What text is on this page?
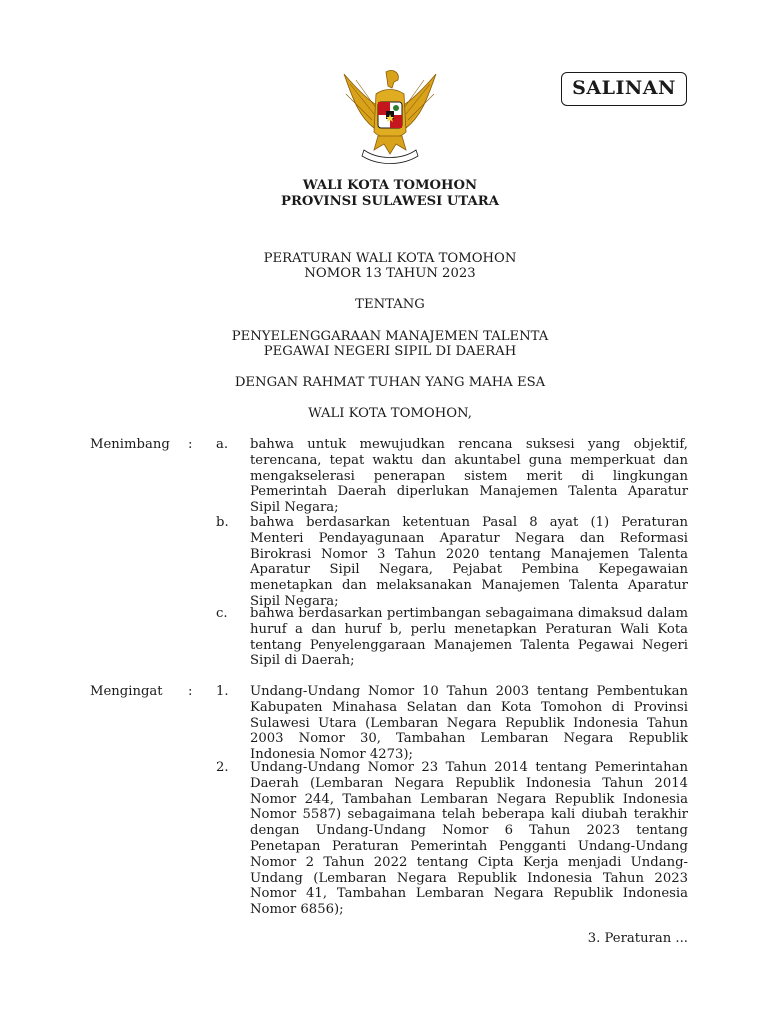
SALINAN
WALI KOTA TOMOHON
PROVINSI SULAWESI UTARA
PERATURAN WALI KOTA TOMOHON
NOMOR 13 TAHUN 2023
TENTANG
PENYELENGGARAAN MANAJEMEN TALENTA
PEGAWAI NEGERI SIPIL DI DAERAH
DENGAN RAHMAT TUHAN YANG MAHA ESA
WALI KOTA TOMOHON,
Menimbang : a. bahwa untuk mewujudkan rencana suksesi yang objektif, terencana, tepat waktu dan akuntabel guna memperkuat dan mengakselerasi penerapan sistem merit di lingkungan Pemerintah Daerah diperlukan Manajemen Talenta Aparatur Sipil Negara;
b. bahwa berdasarkan ketentuan Pasal 8 ayat (1) Peraturan Menteri Pendayagunaan Aparatur Negara dan Reformasi Birokrasi Nomor 3 Tahun 2020 tentang Manajemen Talenta Aparatur Sipil Negara, Pejabat Pembina Kepegawaian menetapkan dan melaksanakan Manajemen Talenta Aparatur Sipil Negara;
c. bahwa berdasarkan pertimbangan sebagaimana dimaksud dalam huruf a dan huruf b, perlu menetapkan Peraturan Wali Kota tentang Penyelenggaraan Manajemen Talenta Pegawai Negeri Sipil di Daerah;
Mengingat : 1. Undang-Undang Nomor 10 Tahun 2003 tentang Pembentukan Kabupaten Minahasa Selatan dan Kota Tomohon di Provinsi Sulawesi Utara (Lembaran Negara Republik Indonesia Tahun 2003 Nomor 30, Tambahan Lembaran Negara Republik Indonesia Nomor 4273);
2. Undang-Undang Nomor 23 Tahun 2014 tentang Pemerintahan Daerah (Lembaran Negara Republik Indonesia Tahun 2014 Nomor 244, Tambahan Lembaran Negara Republik Indonesia Nomor 5587) sebagaimana telah beberapa kali diubah terakhir dengan Undang-Undang Nomor 6 Tahun 2023 tentang Penetapan Peraturan Pemerintah Pengganti Undang-Undang Nomor 2 Tahun 2022 tentang Cipta Kerja menjadi Undang-Undang (Lembaran Negara Republik Indonesia Tahun 2023 Nomor 41, Tambahan Lembaran Negara Republik Indonesia Nomor 6856);
3. Peraturan ...
